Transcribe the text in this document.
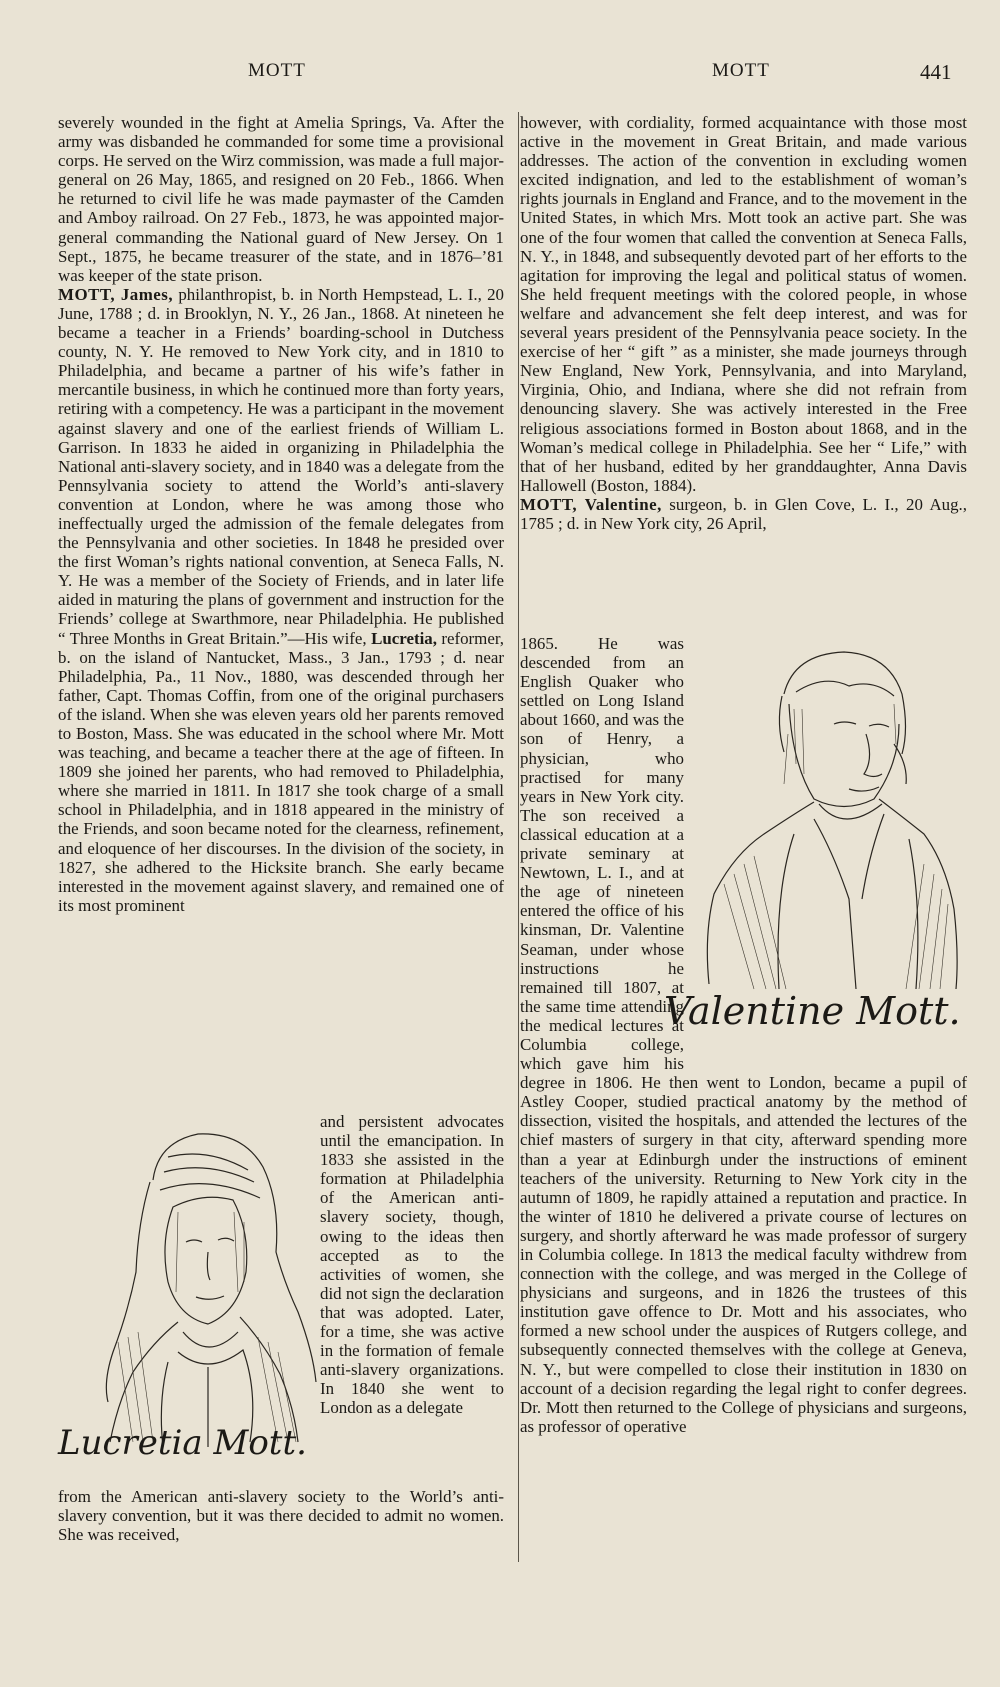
MOTT	MOTT	441

severely wounded in the fight at Amelia Springs, Va. After the army was disbanded he commanded for some time a provisional corps. He served on the Wirz commission, was made a full major-general on 26 May, 1865, and resigned on 20 Feb., 1866. When he returned to civil life he was made paymaster of the Camden and Amboy railroad. On 27 Feb., 1873, he was appointed major-general commanding the National guard of New Jersey. On 1 Sept., 1875, he became treasurer of the state, and in 1876–’81 was keeper of the state prison.
MOTT, James, philanthropist, b. in North Hempstead, L. I., 20 June, 1788 ; d. in Brooklyn, N. Y., 26 Jan., 1868. At nineteen he became a teacher in a Friends’ boarding-school in Dutchess county, N. Y. He removed to New York city, and in 1810 to Philadelphia, and became a partner of his wife’s father in mercantile business, in which he continued more than forty years, retiring with a competency. He was a participant in the movement against slavery and one of the earliest friends of William L. Garrison. In 1833 he aided in organizing in Philadelphia the National anti-slavery society, and in 1840 was a delegate from the Pennsylvania society to attend the World’s anti-slavery convention at London, where he was among those who ineffectually urged the admission of the female delegates from the Pennsylvania and other societies. In 1848 he presided over the first Woman’s rights national convention, at Seneca Falls, N. Y. He was a member of the Society of Friends, and in later life aided in maturing the plans of government and instruction for the Friends’ college at Swarthmore, near Philadelphia. He published “ Three Months in Great Britain.”—His wife, Lucretia, reformer, b. on the island of Nantucket, Mass., 3 Jan., 1793 ; d. near Philadelphia, Pa., 11 Nov., 1880, was descended through her father, Capt. Thomas Coffin, from one of the original purchasers of the island. When she was eleven years old her parents removed to Boston, Mass. She was educated in the school where Mr. Mott was teaching, and became a teacher there at the age of fifteen. In 1809 she joined her parents, who had removed to Philadelphia, where she married in 1811. In 1817 she took charge of a small school in Philadelphia, and in 1818 appeared in the ministry of the Friends, and soon became noted for the clearness, refinement, and eloquence of her discourses. In the division of the society, in 1827, she adhered to the Hicksite branch. She early became interested in the movement against slavery, and remained one of its most prominent

Lucretia Mott.
and persistent advocates until the emancipation. In 1833 she assisted in the formation at Philadelphia of the American anti-slavery society, though, owing to the ideas then accepted as to the activities of women, she did not sign the declaration that was adopted. Later, for a time, she was active in the formation of female anti-slavery organizations. In 1840 she went to London as a delegate
from the American anti-slavery society to the World’s anti-slavery convention, but it was there decided to admit no women. She was received,

however, with cordiality, formed acquaintance with those most active in the movement in Great Britain, and made various addresses. The action of the convention in excluding women excited indignation, and led to the establishment of woman’s rights journals in England and France, and to the movement in the United States, in which Mrs. Mott took an active part. She was one of the four women that called the convention at Seneca Falls, N. Y., in 1848, and subsequently devoted part of her efforts to the agitation for improving the legal and political status of women. She held frequent meetings with the colored people, in whose welfare and advancement she felt deep interest, and was for several years president of the Pennsylvania peace society. In the exercise of her “ gift ” as a minister, she made journeys through New England, New York, Pennsylvania, and into Maryland, Virginia, Ohio, and Indiana, where she did not refrain from denouncing slavery. She was actively interested in the Free religious associations formed in Boston about 1868, and in the Woman’s medical college in Philadelphia. See her “ Life,” with that of her husband, edited by her granddaughter, Anna Davis Hallowell (Boston, 1884).
MOTT, Valentine, surgeon, b. in Glen Cove, L. I., 20 Aug., 1785 ; d. in New York city, 26 April,

Valentine Mott.
1865. He was descended from an English Quaker who settled on Long Island about 1660, and was the son of Henry, a physician, who practised for many years in New York city. The son received a classical education at a private seminary at Newtown, L. I., and at the age of nineteen entered the office of his kinsman, Dr. Valentine Seaman, under whose instructions he remained till 1807, at the same time attending the medical lectures at Columbia college, which gave him his degree in 1806. He then went to London, became a pupil of Astley Cooper, studied practical anatomy by the method of dissection, visited the hospitals, and attended the lectures of the chief masters of surgery in that city, afterward spending more than a year at Edinburgh under the instructions of eminent teachers of the university. Returning to New York city in the autumn of 1809, he rapidly attained a reputation and practice. In the winter of 1810 he delivered a private course of lectures on surgery, and shortly afterward he was made professor of surgery in Columbia college. In 1813 the medical faculty withdrew from connection with the college, and was merged in the College of physicians and surgeons, and in 1826 the trustees of this institution gave offence to Dr. Mott and his associates, who formed a new school under the auspices of Rutgers college, and subsequently connected themselves with the college at Geneva, N. Y., but were compelled to close their institution in 1830 on account of a decision regarding the legal right to confer degrees. Dr. Mott then returned to the College of physicians and surgeons, as professor of operative
